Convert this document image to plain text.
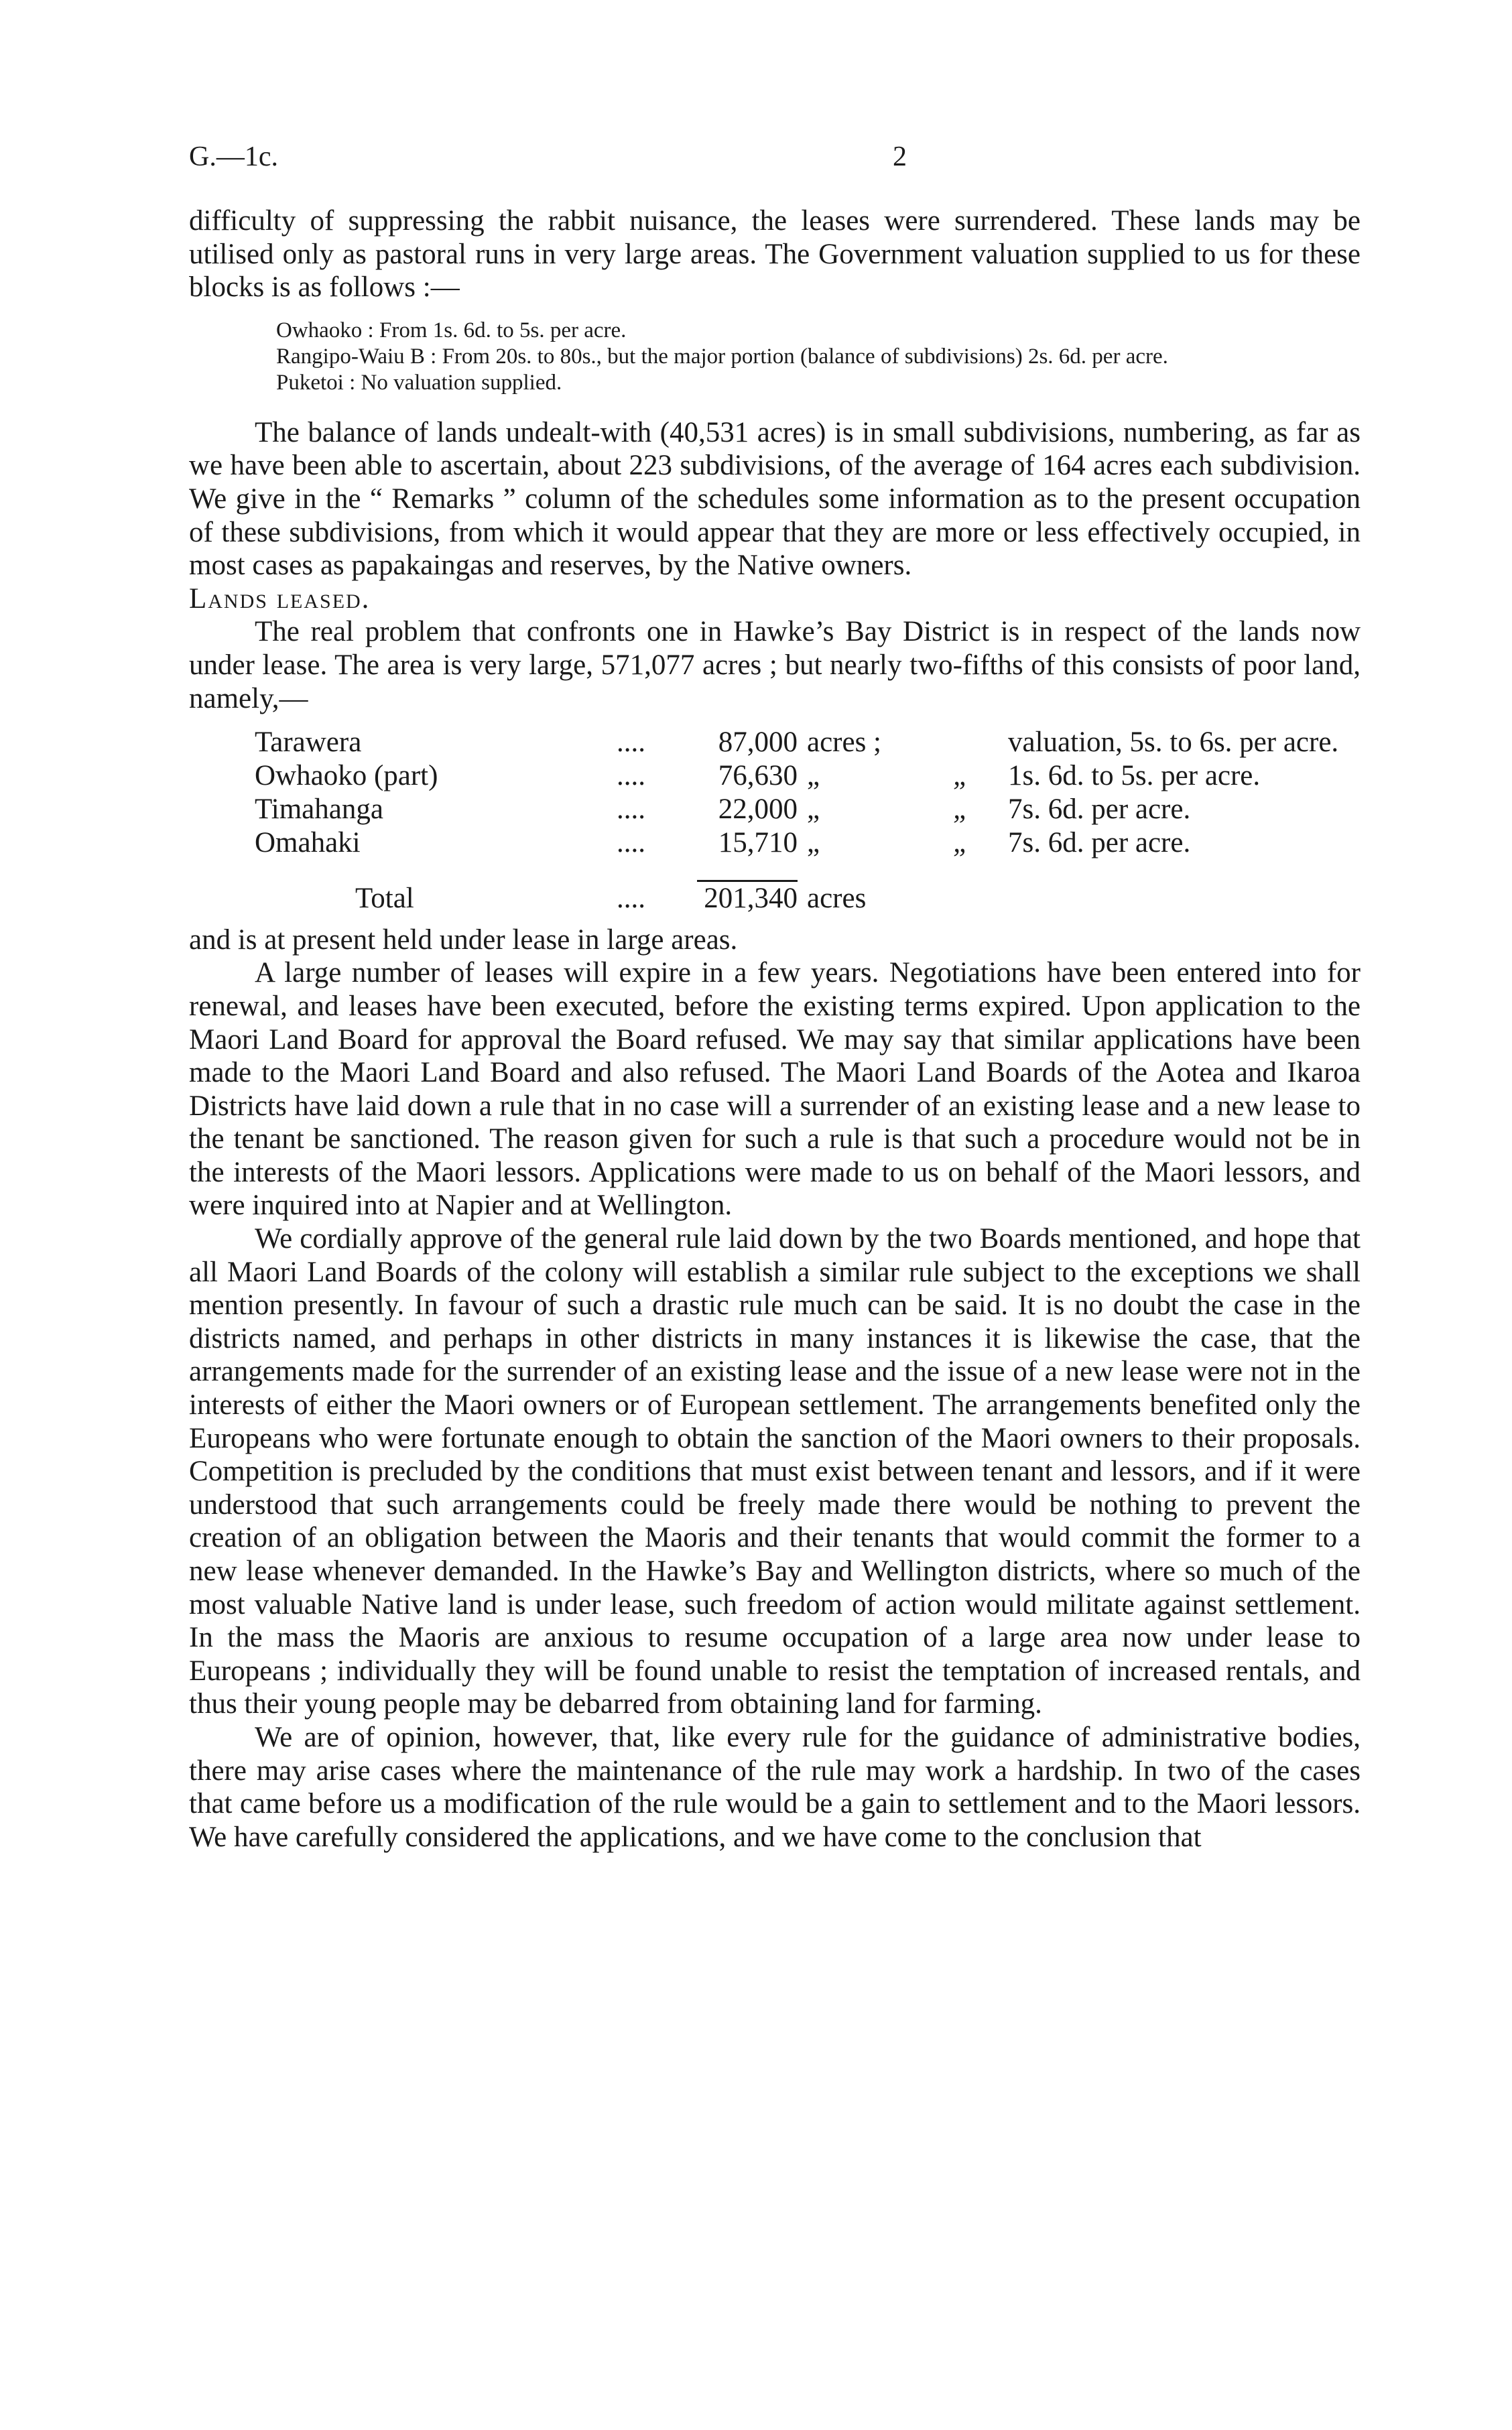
G.—1c.	2

difficulty of suppressing the rabbit nuisance, the leases were surrendered. These lands may be utilised only as pastoral runs in very large areas. The Government valuation supplied to us for these blocks is as follows :—

Owhaoko : From 1s. 6d. to 5s. per acre.

Rangipo-Waiu B : From 20s. to 80s., but the major portion (balance of subdivisions) 2s. 6d. per acre.

Puketoi : No valuation supplied.

The balance of lands undealt-with (40,531 acres) is in small subdivisions, numbering, as far as we have been able to ascertain, about 223 subdivisions, of the average of 164 acres each subdivision. We give in the “ Remarks ” column of the schedules some information as to the present occupation of these subdivisions, from which it would appear that they are more or less effectively occupied, in most cases as papakaingas and reserves, by the Native owners.

Lands leased.

The real problem that confronts one in Hawke’s Bay District is in respect of the lands now under lease. The area is very large, 571,077 acres ; but nearly two-fifths of this consists of poor land, namely,—

Tarawera	....	87,000	acres ;		valuation, 5s. to 6s. per acre.
Owhaoko (part)	....	76,630	„	„	1s. 6d. to 5s. per acre.
Timahanga	....	22,000	„	„	7s. 6d. per acre.
Omahaki	....	15,710	„	„	7s. 6d. per acre.
Total	....	201,340	acres		

and is at present held under lease in large areas.

A large number of leases will expire in a few years. Negotiations have been entered into for renewal, and leases have been executed, before the existing terms expired. Upon application to the Maori Land Board for approval the Board refused. We may say that similar applications have been made to the Maori Land Board and also refused. The Maori Land Boards of the Aotea and Ikaroa Districts have laid down a rule that in no case will a surrender of an existing lease and a new lease to the tenant be sanctioned. The reason given for such a rule is that such a procedure would not be in the interests of the Maori lessors. Applications were made to us on behalf of the Maori lessors, and were inquired into at Napier and at Wellington.

We cordially approve of the general rule laid down by the two Boards mentioned, and hope that all Maori Land Boards of the colony will establish a similar rule subject to the exceptions we shall mention presently. In favour of such a drastic rule much can be said. It is no doubt the case in the districts named, and perhaps in other districts in many instances it is likewise the case, that the arrangements made for the surrender of an existing lease and the issue of a new lease were not in the interests of either the Maori owners or of European settlement. The arrangements benefited only the Europeans who were fortunate enough to obtain the sanction of the Maori owners to their proposals. Competition is precluded by the conditions that must exist between tenant and lessors, and if it were understood that such arrangements could be freely made there would be nothing to prevent the creation of an obligation between the Maoris and their tenants that would commit the former to a new lease whenever demanded. In the Hawke’s Bay and Wellington districts, where so much of the most valuable Native land is under lease, such freedom of action would militate against settlement. In the mass the Maoris are anxious to resume occupation of a large area now under lease to Europeans ; individually they will be found unable to resist the temptation of increased rentals, and thus their young people may be debarred from obtaining land for farming.

We are of opinion, however, that, like every rule for the guidance of administrative bodies, there may arise cases where the maintenance of the rule may work a hardship. In two of the cases that came before us a modification of the rule would be a gain to settlement and to the Maori lessors. We have carefully considered the applications, and we have come to the conclusion that
